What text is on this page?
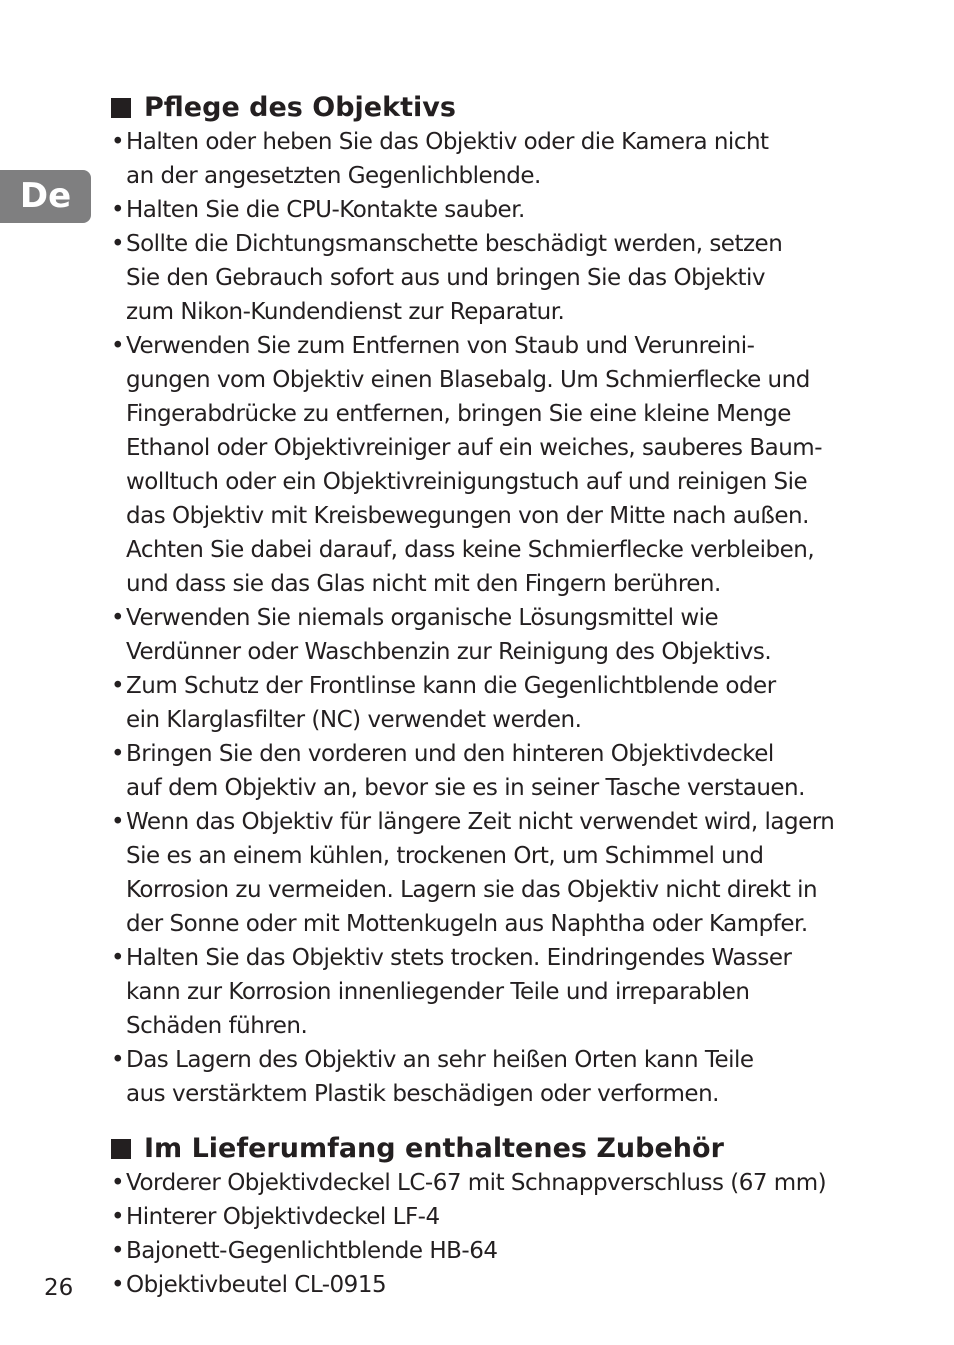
De
Pflege des Objektivs
• Halten oder heben Sie das Objektiv oder die Kamera nicht
an der angesetzten Gegenlichblende.
• Halten Sie die CPU-Kontakte sauber.
• Sollte die Dichtungsmanschette beschädigt werden, setzen
Sie den Gebrauch sofort aus und bringen Sie das Objektiv
zum Nikon-Kundendienst zur Reparatur.
• Verwenden Sie zum Entfernen von Staub und Verunreini-
gungen vom Objektiv einen Blasebalg. Um Schmierflecke und
Fingerabdrücke zu entfernen, bringen Sie eine kleine Menge
Ethanol oder Objektivreiniger auf ein weiches, sauberes Baum-
wolltuch oder ein Objektivreinigungstuch auf und reinigen Sie
das Objektiv mit Kreisbewegungen von der Mitte nach außen.
Achten Sie dabei darauf, dass keine Schmierflecke verbleiben,
und dass sie das Glas nicht mit den Fingern berühren.
• Verwenden Sie niemals organische Lösungsmittel wie
Verdünner oder Waschbenzin zur Reinigung des Objektivs.
• Zum Schutz der Frontlinse kann die Gegenlichtblende oder
ein Klarglasfilter (NC) verwendet werden.
• Bringen Sie den vorderen und den hinteren Objektivdeckel
auf dem Objektiv an, bevor sie es in seiner Tasche verstauen.
• Wenn das Objektiv für längere Zeit nicht verwendet wird, lagern
Sie es an einem kühlen, trockenen Ort, um Schimmel und
Korrosion zu vermeiden. Lagern sie das Objektiv nicht direkt in
der Sonne oder mit Mottenkugeln aus Naphtha oder Kampfer.
• Halten Sie das Objektiv stets trocken. Eindringendes Wasser
kann zur Korrosion innenliegender Teile und irreparablen
Schäden führen.
• Das Lagern des Objektiv an sehr heißen Orten kann Teile
aus verstärktem Plastik beschädigen oder verformen.
Im Lieferumfang enthaltenes Zubehör
• Vorderer Objektivdeckel LC-67 mit Schnappverschluss (67 mm)
• Hinterer Objektivdeckel LF-4
• Bajonett-Gegenlichtblende HB-64
• Objektivbeutel CL-0915
26
